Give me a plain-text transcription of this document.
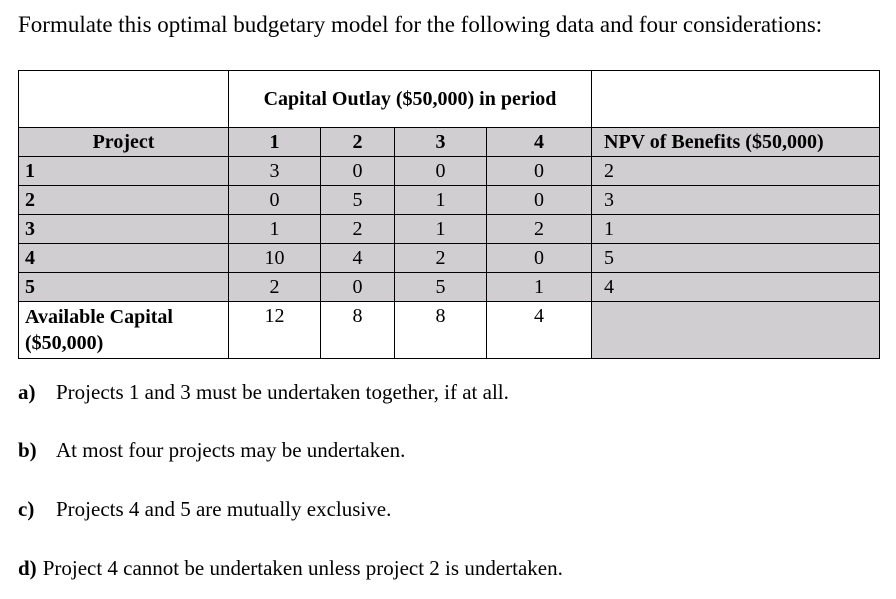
Formulate this optimal budgetary model for the following data and four considerations:
	Capital Outlay ($50,000) in period				
Project	1	2	3	4	NPV of Benefits ($50,000)
1	3	0	0	0	2
2	0	5	1	0	3
3	1	2	1	2	1
4	10	4	2	0	5
5	2	0	5	1	4
Available Capital ($50,000)	12	8	8	4	
a) Projects 1 and 3 must be undertaken together, if at all.
b) At most four projects may be undertaken.
c) Projects 4 and 5 are mutually exclusive.
d) Project 4 cannot be undertaken unless project 2 is undertaken.
